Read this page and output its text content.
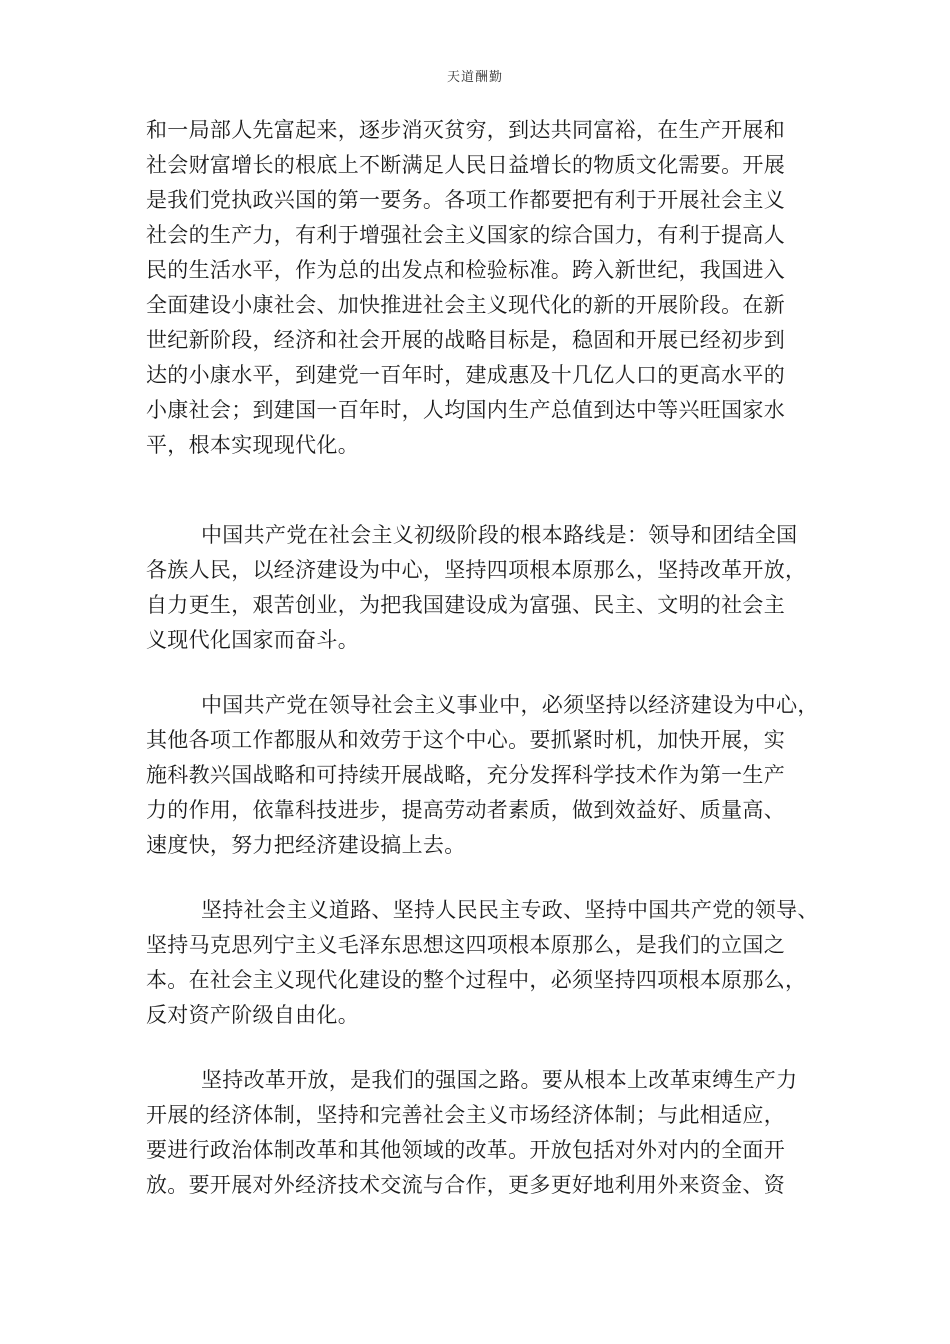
天道酬勤
和一局部人先富起来，逐步消灭贫穷，到达共同富裕，在生产开展和
社会财富增长的根底上不断满足人民日益增长的物质文化需要。开展
是我们党执政兴国的第一要务。各项工作都要把有利于开展社会主义
社会的生产力，有利于增强社会主义国家的综合国力，有利于提高人
民的生活水平，作为总的出发点和检验标准。跨入新世纪，我国进入
全面建设小康社会、加快推进社会主义现代化的新的开展阶段。在新
世纪新阶段，经济和社会开展的战略目标是，稳固和开展已经初步到
达的小康水平，到建党一百年时，建成惠及十几亿人口的更高水平的
小康社会；到建国一百年时，人均国内生产总值到达中等兴旺国家水
平，根本实现现代化。
中国共产党在社会主义初级阶段的根本路线是：领导和团结全国
各族人民，以经济建设为中心，坚持四项根本原那么，坚持改革开放，
自力更生，艰苦创业，为把我国建设成为富强、民主、文明的社会主
义现代化国家而奋斗。
中国共产党在领导社会主义事业中，必须坚持以经济建设为中心，
其他各项工作都服从和效劳于这个中心。要抓紧时机，加快开展，实
施科教兴国战略和可持续开展战略，充分发挥科学技术作为第一生产
力的作用，依靠科技进步，提高劳动者素质，做到效益好、质量高、
速度快，努力把经济建设搞上去。
坚持社会主义道路、坚持人民民主专政、坚持中国共产党的领导、
坚持马克思列宁主义毛泽东思想这四项根本原那么，是我们的立国之
本。在社会主义现代化建设的整个过程中，必须坚持四项根本原那么，
反对资产阶级自由化。
坚持改革开放，是我们的强国之路。要从根本上改革束缚生产力
开展的经济体制，坚持和完善社会主义市场经济体制；与此相适应，
要进行政治体制改革和其他领域的改革。开放包括对外对内的全面开
放。要开展对外经济技术交流与合作，更多更好地利用外来资金、资
